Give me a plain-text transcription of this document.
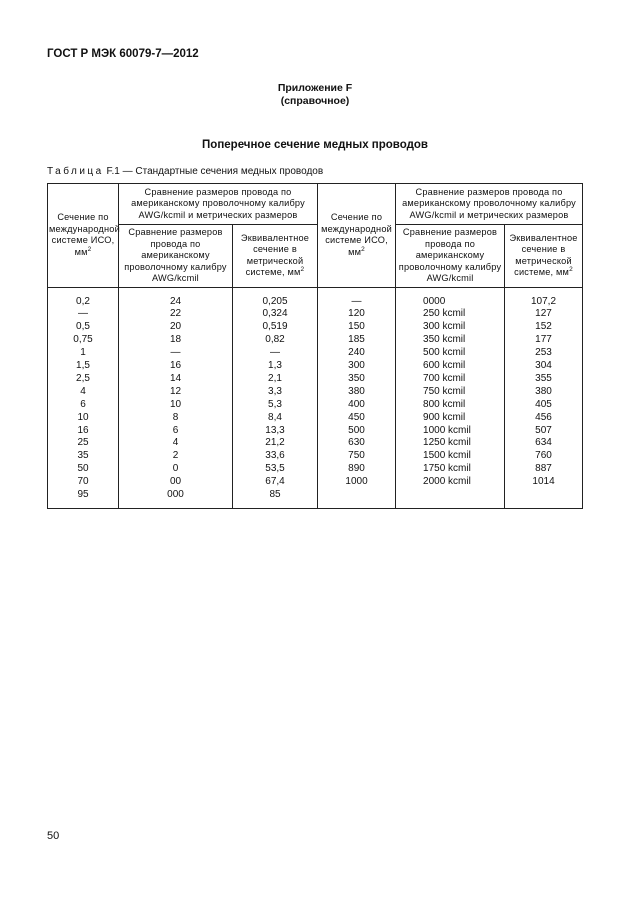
ГОСТ Р МЭК 60079-7—2012
Приложение F
(справочное)
Поперечное сечение медных проводов
Таблица F.1 — Стандартные сечения медных проводов
Сечение по международной системе ИСО, $мм^2$	Сравнение размеров провода по американскому проволочному калибру AWG/kcmil и метрических размеров		Сечение по международной системе ИСО, $мм^2$	Сравнение размеров провода по американскому проволочному калибру AWG/kcmil и метрических размеров	
	Сравнение размеров провода по американскому проволочному калибру AWG/kcmil	Эквивалентное сечение в метрической системе, $мм^2$		Сравнение размеров провода по американскому проволочному калибру AWG/kcmil	Эквивалентное сечение в метрической системе, $мм^2$
0,2	24	0,205	—	0000	107,2
—	22	0,324	120	250 kcmil	127
0,5	20	0,519	150	300 kcmil	152
0,75	18	0,82	185	350 kcmil	177
1	—	—	240	500 kcmil	253
1,5	16	1,3	300	600 kcmil	304
2,5	14	2,1	350	700 kcmil	355
4	12	3,3	380	750 kcmil	380
6	10	5,3	400	800 kcmil	405
10	8	8,4	450	900 kcmil	456
16	6	13,3	500	1000 kcmil	507
25	4	21,2	630	1250 kcmil	634
35	2	33,6	750	1500 kcmil	760
50	0	53,5	890	1750 kcmil	887
70	00	67,4	1000	2000 kcmil	1014
95	000	85			
50
